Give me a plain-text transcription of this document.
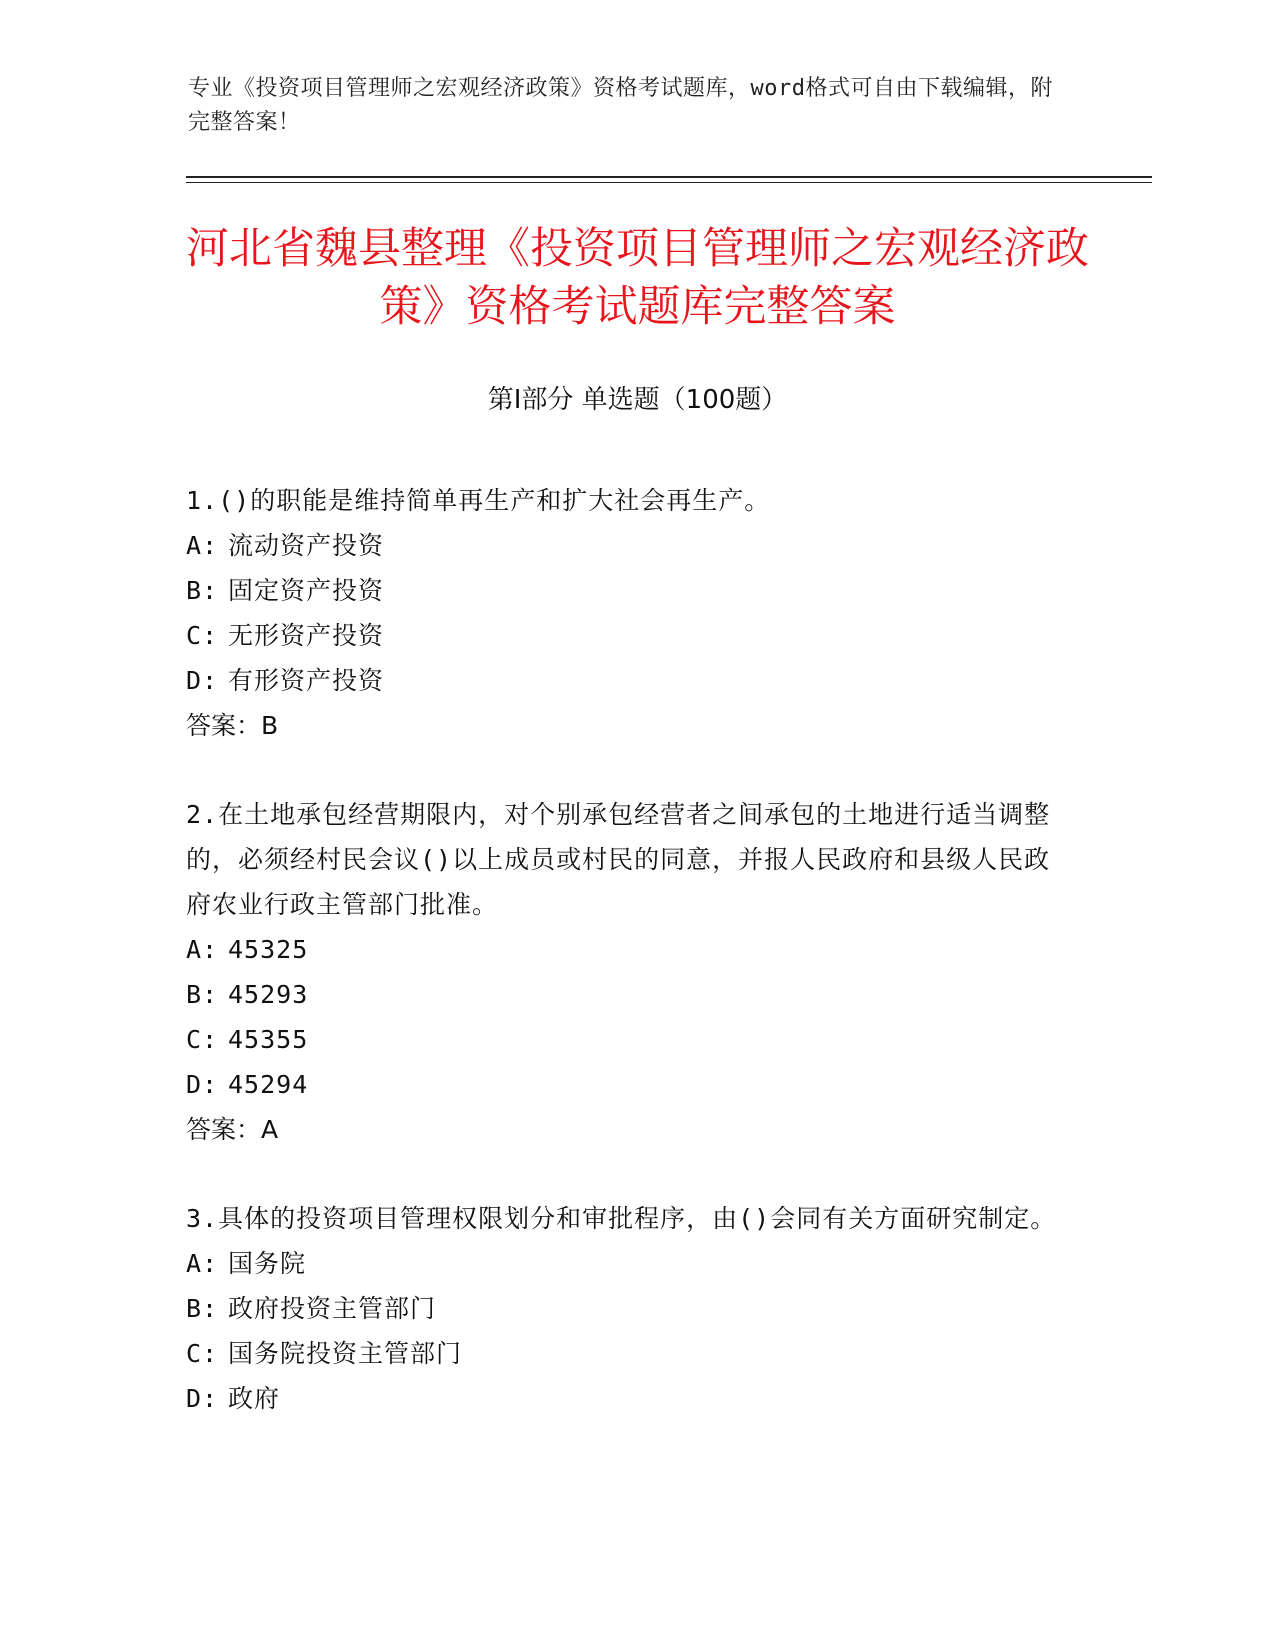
专业《投资项目管理师之宏观经济政策》资格考试题库，word格式可自由下载编辑，附完整答案！
河北省魏县整理《投资项目管理师之宏观经济政策》资格考试题库完整答案
第Ⅰ部分 单选题（100题）

1.()的职能是维持简单再生产和扩大社会再生产。

A: 流动资产投资
B: 固定资产投资
C: 无形资产投资
D: 有形资产投资
答案：B

2.在土地承包经营期限内，对个别承包经营者之间承包的土地进行适当调整的，必须经村民会议()以上成员或村民的同意，并报人民政府和县级人民政府农业行政主管部门批准。

A: 45325
B: 45293
C: 45355
D: 45294
答案：A

3.具体的投资项目管理权限划分和审批程序，由()会同有关方面研究制定。

A: 国务院
B: 政府投资主管部门
C: 国务院投资主管部门
D: 政府
